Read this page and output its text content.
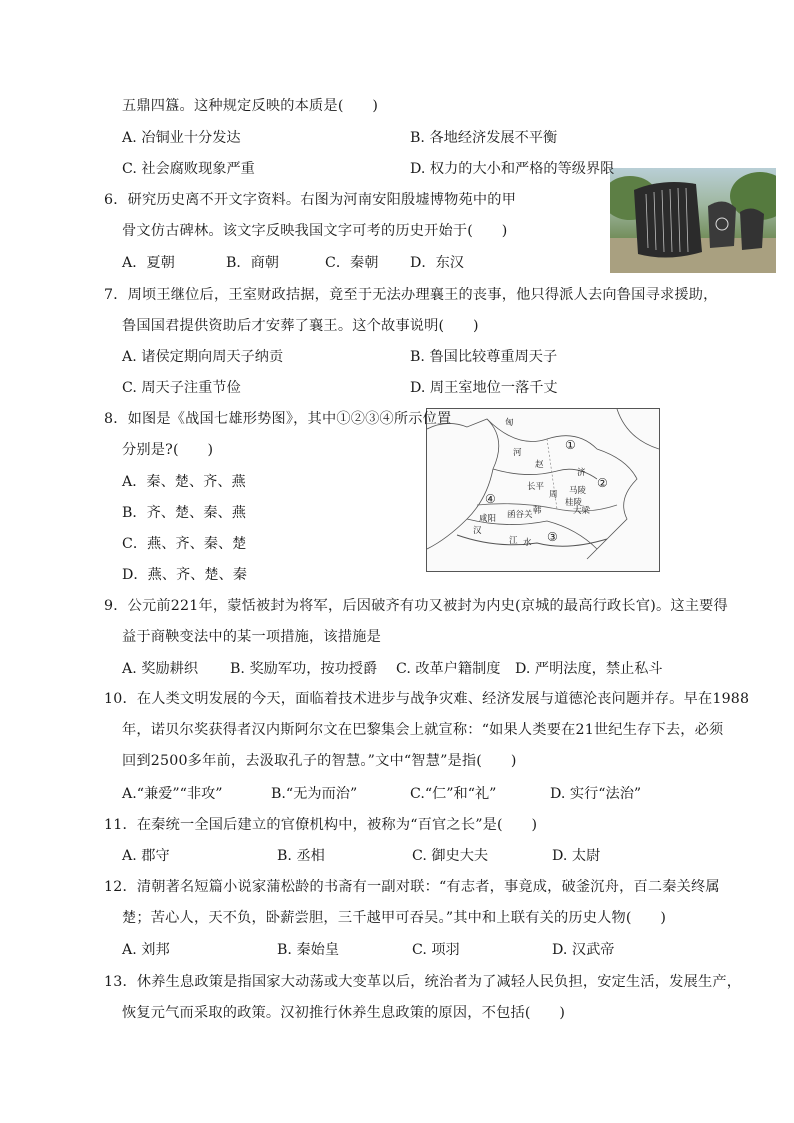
匈
①
河
赵
济
②
④
长平	马陵
周
桂陵
大梁
咸阳 函谷关 韩
汉
江 ③
水
五鼎四簋。这种规定反映的本质是(　　)
6．研究历史离不开文字资料。右图为河南安阳殷墟博物苑中的甲
骨文仿古碑林。该文字反映我国文字可考的历史开始于(　　)
7．周顷王继位后，王室财政拮据，竟至于无法办理襄王的丧事，他只得派人去向鲁国寻求援助，
鲁国国君提供资助后才安葬了襄王。这个故事说明(　　)
8．如图是《战国七雄形势图》，其中①②③④所示位置
分别是?(　　)
9．公元前221年，蒙恬被封为将军，后因破齐有功又被封为内史(京城的最高行政长官)。这主要得
益于商鞅变法中的某一项措施，该措施是
10．在人类文明发展的今天，面临着技术进步与战争灾难、经济发展与道德沦丧问题并存。早在1988
年，诺贝尔奖获得者汉内斯阿尔文在巴黎集会上就宣称：“如果人类要在21世纪生存下去，必须
回到2500多年前，去汲取孔子的智慧。”文中“智慧”是指(　　)
11．在秦统一全国后建立的官僚机构中，被称为“百官之长”是(　　)
12．清朝著名短篇小说家蒲松龄的书斋有一副对联：“有志者，事竟成，破釜沉舟，百二秦关终属
楚；苦心人，天不负，卧薪尝胆，三千越甲可吞吴。”其中和上联有关的历史人物(　　)
13．休养生息政策是指国家大动荡或大变革以后，统治者为了减轻人民负担，安定生活，发展生产，
恢复元气而采取的政策。汉初推行休养生息政策的原因，不包括(　　)
A. 冶铜业十分发达	B. 各地经济发展不平衡
C. 社会腐败现象严重	D. 权力的大小和严格的等级界限
A．夏朝	B．商朝	C．秦朝 D．东汉
A. 诸侯定期向周天子纳贡	B. 鲁国比较尊重周天子
C. 周天子注重节俭	D. 周王室地位一落千丈
A．秦、楚、齐、燕
B．齐、楚、秦、燕
C．燕、齐、秦、楚
D．燕、齐、楚、秦
A. 奖励耕织 B. 奖励军功，按功授爵 C. 改革户籍制度 D. 严明法度，禁止私斗
A.“兼爱”“非攻”	B.“无为而治”	C.“仁”和“礼”	D. 实行“法治”
A. 郡守	B. 丞相	C. 御史大夫	D. 太尉
A. 刘邦	B. 秦始皇	C. 项羽	D. 汉武帝
